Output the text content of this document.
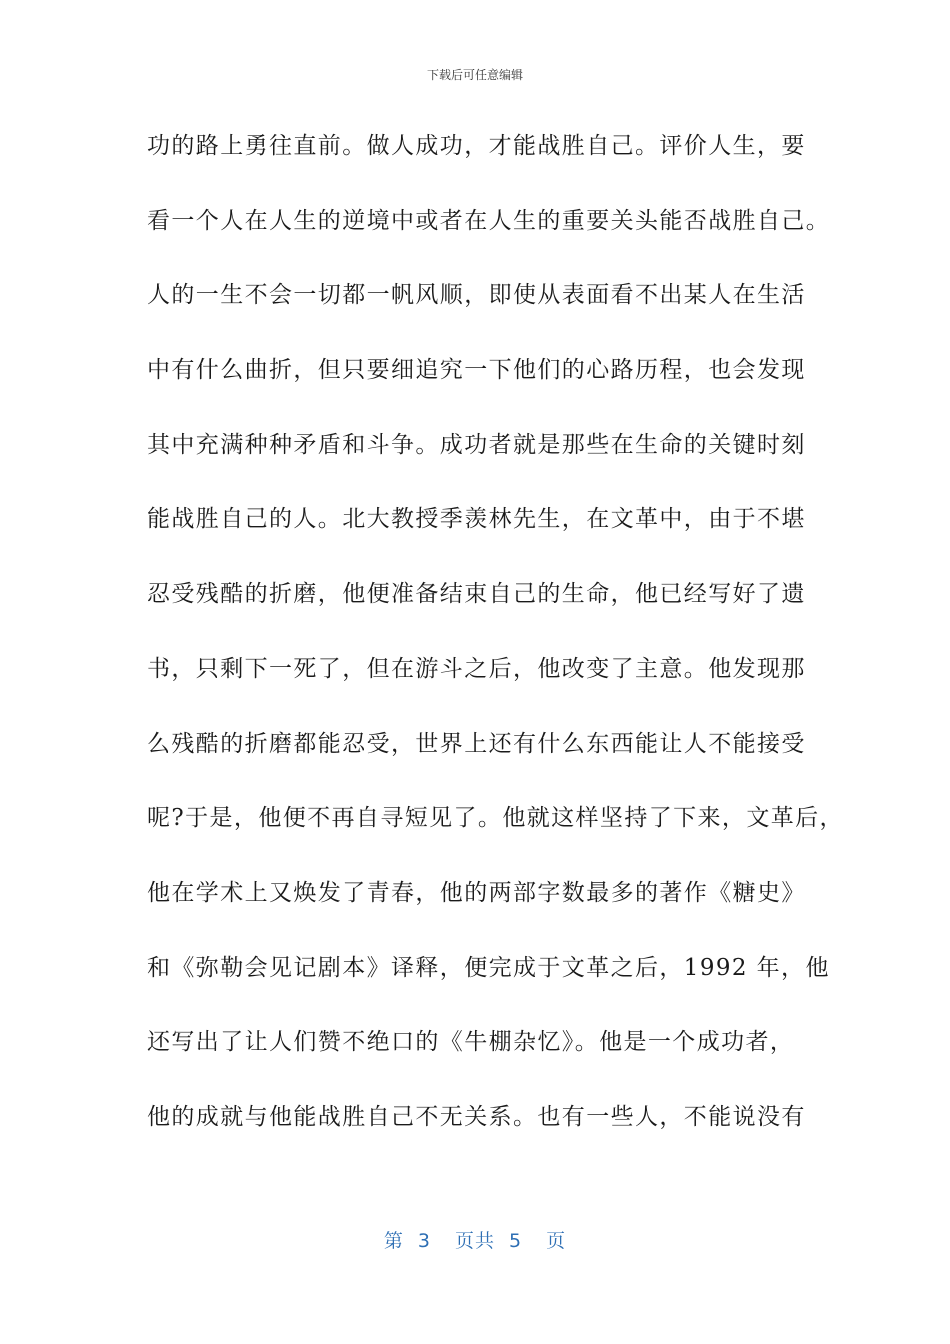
下载后可任意编辑
功的路上勇往直前。做人成功，才能战胜自己。评价人生，要
看一个人在人生的逆境中或者在人生的重要关头能否战胜自己。
人的一生不会一切都一帆风顺，即使从表面看不出某人在生活
中有什么曲折，但只要细追究一下他们的心路历程，也会发现
其中充满种种矛盾和斗争。成功者就是那些在生命的关键时刻
能战胜自己的人。北大教授季羡林先生，在文革中，由于不堪
忍受残酷的折磨，他便准备结束自己的生命，他已经写好了遗
书，只剩下一死了，但在游斗之后，他改变了主意。他发现那
么残酷的折磨都能忍受，世界上还有什么东西能让人不能接受
呢?于是，他便不再自寻短见了。他就这样坚持了下来，文革后，
他在学术上又焕发了青春，他的两部字数最多的著作《糖史》
和《弥勒会见记剧本》译释，便完成于文革之后，1992 年，他
还写出了让人们赞不绝口的《牛棚杂忆》。他是一个成功者，
他的成就与他能战胜自己不无关系。也有一些人，不能说没有
第 3 页共 5 页
